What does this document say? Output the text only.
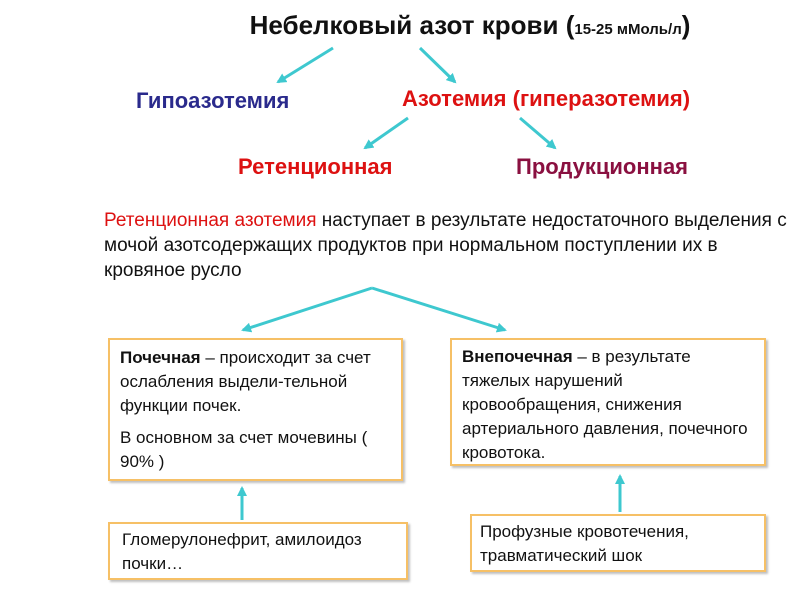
Небелковый азот крови (15-25 мМоль/л)
Гипоазотемия	Азотемия (гиперазотемия)
Ретенционная	Продукционная
Ретенционная азотемия наступает в результате недостаточного выделения с мочой азотсодержащих продуктов при нормальном поступлении их в кровяное русло

Почечная – происходит за счет ослабления выдели-тельной функции почек.

В основном за счет мочевины ( 90% )

Внепочечная – в результате тяжелых нарушений кровообращения, снижения артериального давления, почечного кровотока.
Гломерулонефрит, амилоидоз почки…
Профузные кровотечения, травматический шок
